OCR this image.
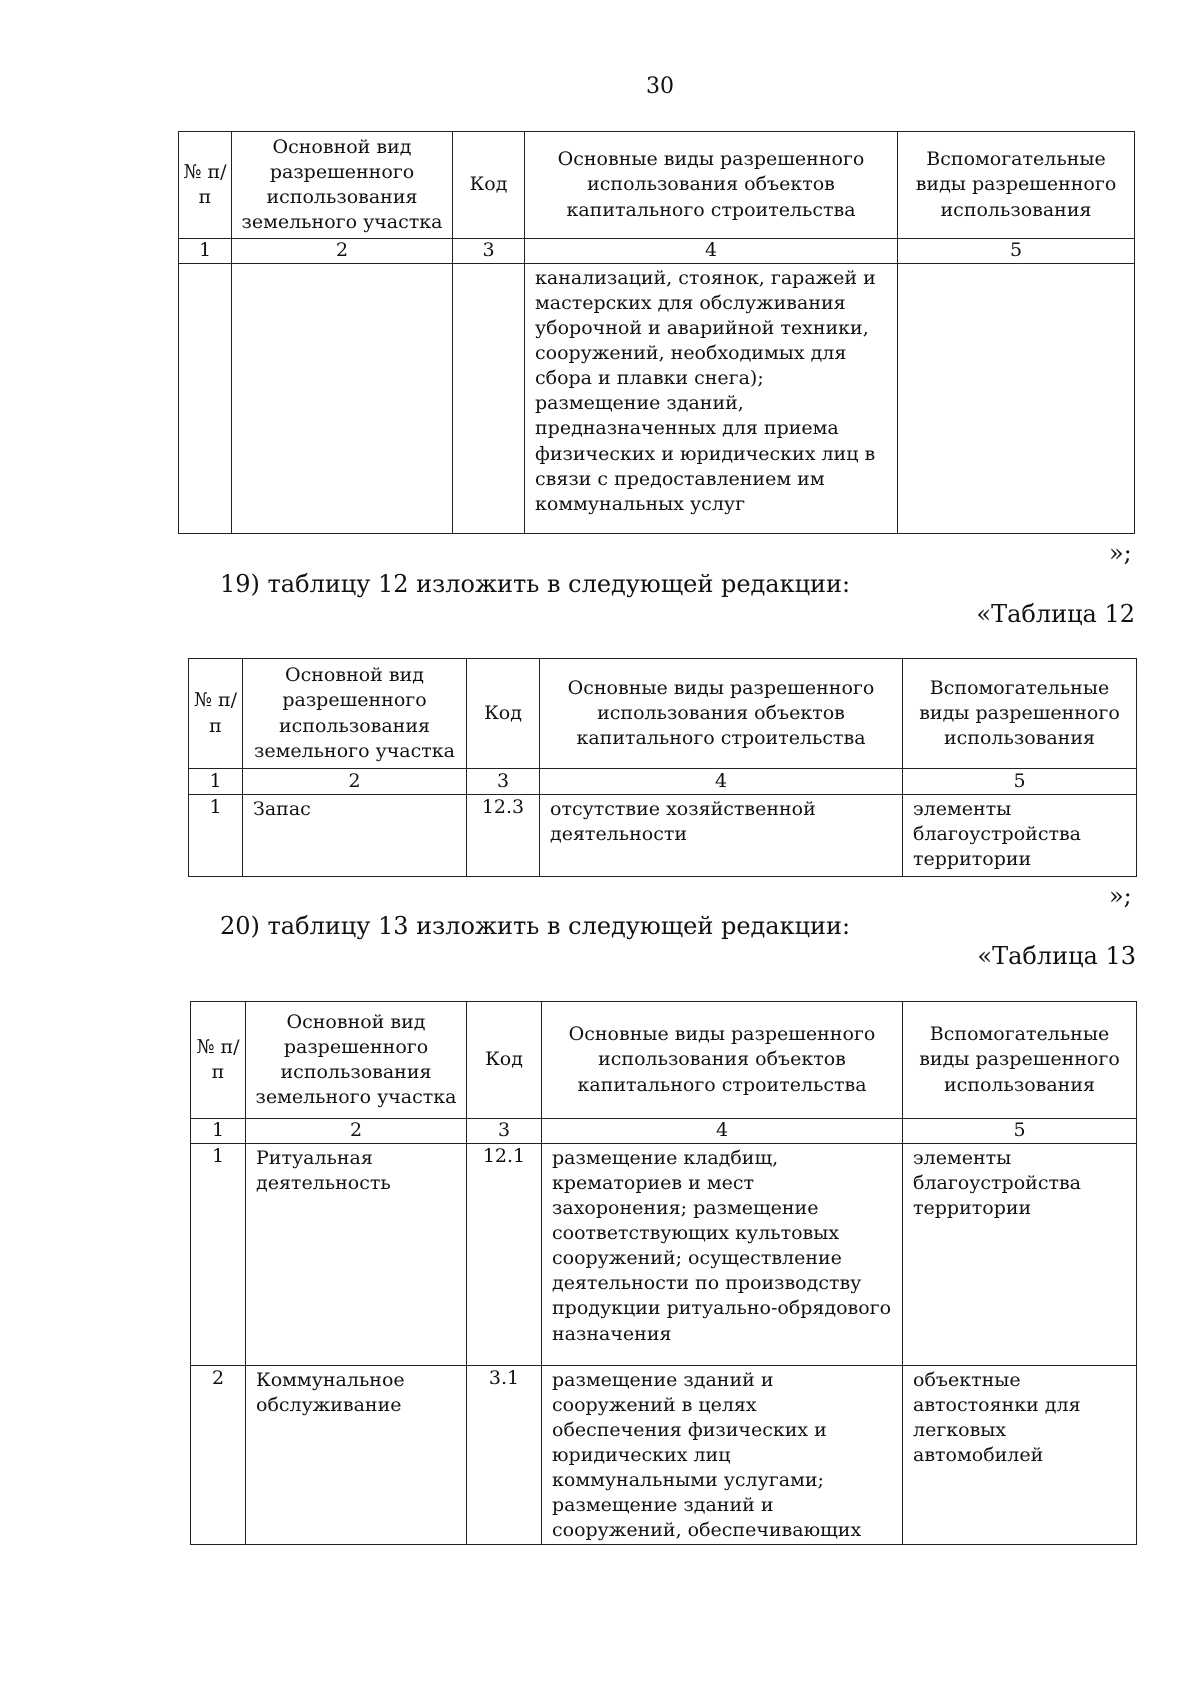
30
№ п/п	Основной вид разрешенного использования земельного участка	Код	Основные виды разрешенного использования объектов капитального строительства	Вспомогательные виды разрешенного использования
1	2	3	4	5
			канализаций, стоянок, гаражей и мастерских для обслуживания уборочной и аварийной техники, сооружений, необходимых для сбора и плавки снега); размещение зданий, предназначенных для приема физических и юридических лиц в связи с предоставлением им коммунальных услуг	
»;
19) таблицу 12 изложить в следующей редакции:
«Таблица 12
№ п/п	Основной вид разрешенного использования земельного участка	Код	Основные виды разрешенного использования объектов капитального строительства	Вспомогательные виды разрешенного использования
1	2	3	4	5
1	Запас	12.3	отсутствие хозяйственной деятельности	элементы благоустройства территории
»;
20) таблицу 13 изложить в следующей редакции:
«Таблица 13
№ п/п	Основной вид разрешенного использования земельного участка	Код	Основные виды разрешенного использования объектов капитального строительства	Вспомогательные виды разрешенного использования
1	2	3	4	5
1	Ритуальная деятельность	12.1	размещение кладбищ, крематориев и мест захоронения; размещение соответствующих культовых сооружений; осуществление деятельности по производству продукции ритуально-обрядового назначения	элементы благоустройства территории
2	Коммунальное обслуживание	3.1	размещение зданий и сооружений в целях обеспечения физических и юридических лиц коммунальными услугами; размещение зданий и сооружений, обеспечивающих	объектные автостоянки для легковых автомобилей
